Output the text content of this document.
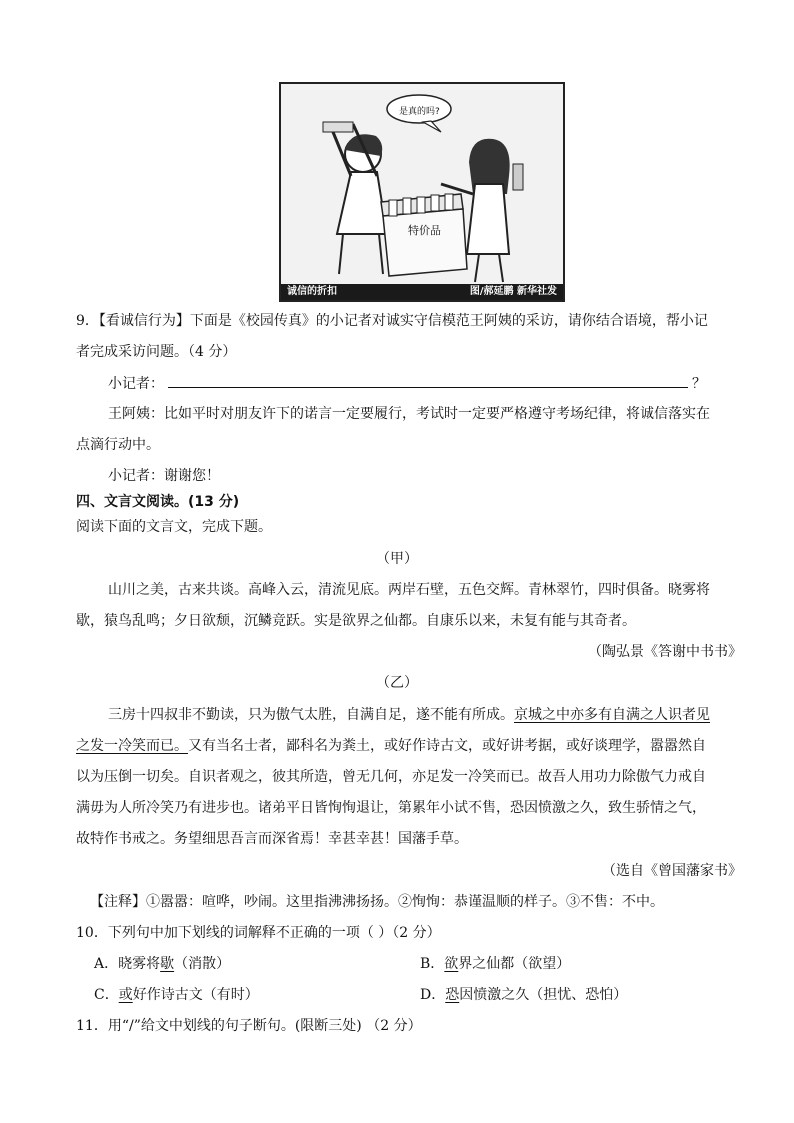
是真的吗?
特价品
诚信的折扣	图/郝延鹏 新华社发
9．【看诚信行为】下面是《校园传真》的小记者对诚实守信模范王阿姨的采访，请你结合语境，帮小记
者完成采访问题。（4 分）
小记者：	？
王阿姨：比如平时对朋友许下的诺言一定要履行，考试时一定要严格遵守考场纪律，将诚信落实在
点滴行动中。
小记者：谢谢您！
四、文言文阅读。(13 分)
阅读下面的文言文，完成下题。
（甲）
山川之美，古来共谈。高峰入云，清流见底。两岸石壁，五色交辉。青林翠竹，四时俱备。晓雾将
歇，猿鸟乱鸣；夕日欲颓，沉鳞竞跃。实是欲界之仙都。自康乐以来，未复有能与其奇者。
（陶弘景《答谢中书书》
（乙）
三房十四叔非不勤读，只为傲气太胜，自满自足，遂不能有所成。京城之中亦多有自满之人识者见
之发一冷笑而已。又有当名士者，鄙科名为粪土，或好作诗古文，或好讲考据，或好谈理学，嚣嚣然自
以为压倒一切矣。自识者观之，彼其所造，曾无几何，亦足发一冷笑而已。故吾人用功力除傲气力戒自
满毋为人所冷笑乃有进步也。诸弟平日皆恂恂退让，第累年小试不售，恐因愤激之久，致生骄情之气，
故特作书戒之。务望细思吾言而深省焉！幸甚幸甚！国藩手草。
（选自《曾国藩家书》
【注释】①嚣嚣：喧哗，吵闹。这里指沸沸扬扬。②恂恂：恭谨温顺的样子。③不售：不中。
10．下列句中加下划线的词解释不正确的一项（ ）（2 分）
A．晓雾将歇（消散）	B．欲界之仙都（欲望）
C．或好作诗古文（有时）	D．恐因愤激之久（担忧、恐怕）
11．用“/”给文中划线的句子断句。(限断三处) （2 分）
